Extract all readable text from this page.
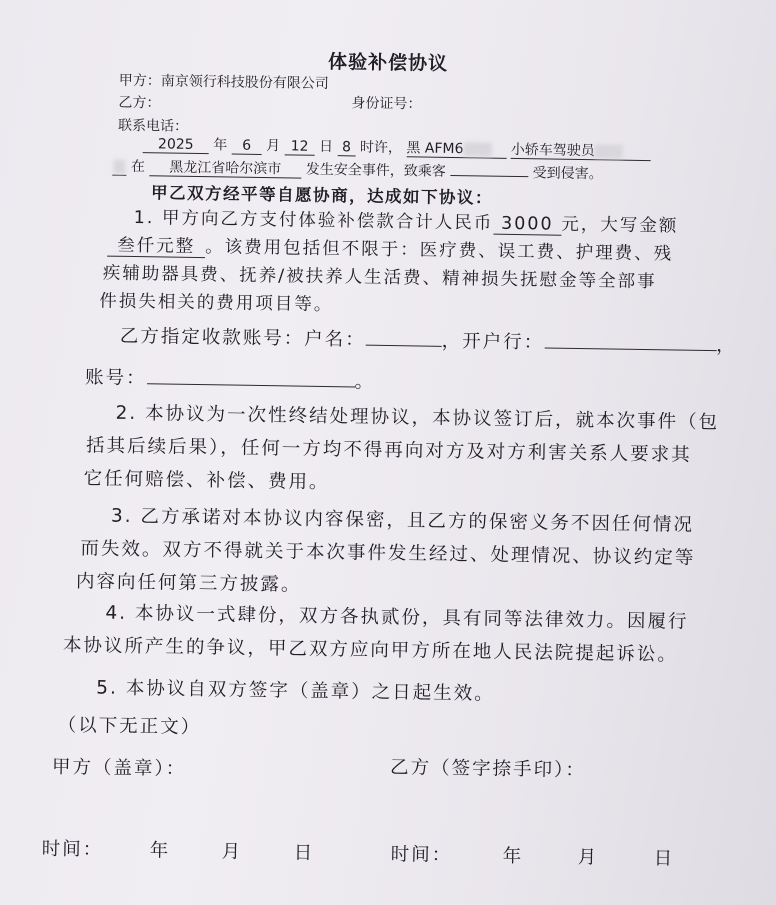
体验补偿协议
甲方：南京领行科技股份有限公司
乙方：	身份证号：
联系电话：
2025 年 6 月 12 日 8 时许， 黑 AFM6	小轿车驾驶员
在 黑龙江省哈尔滨市 发生安全事件，致乘客	受到侵害。
甲乙双方经平等自愿协商，达成如下协议：
1. 甲方向乙方支付体验补偿款合计人民币 3000 元，大写金额
叁仟元整 。该费用包括但不限于：医疗费、误工费、护理费、残
疾辅助器具费、抚养/被扶养人生活费、精神损失抚慰金等全部事
件损失相关的费用项目等。
乙方指定收款账号：户名：	，开户行：	，
账号：	。
2. 本协议为一次性终结处理协议，本协议签订后，就本次事件（包
括其后续后果），任何一方均不得再向对方及对方利害关系人要求其
它任何赔偿、补偿、费用。
3. 乙方承诺对本协议内容保密，且乙方的保密义务不因任何情况
而失效。双方不得就关于本次事件发生经过、处理情况、协议约定等
内容向任何第三方披露。
4. 本协议一式肆份，双方各执贰份，具有同等法律效力。因履行
本协议所产生的争议，甲乙双方应向甲方所在地人民法院提起诉讼。
5. 本协议自双方签字（盖章）之日起生效。
（以下无正文）
甲方（盖章）：	乙方（签字捺手印）：
时间： 年	月	日	时间：	年	月	日
